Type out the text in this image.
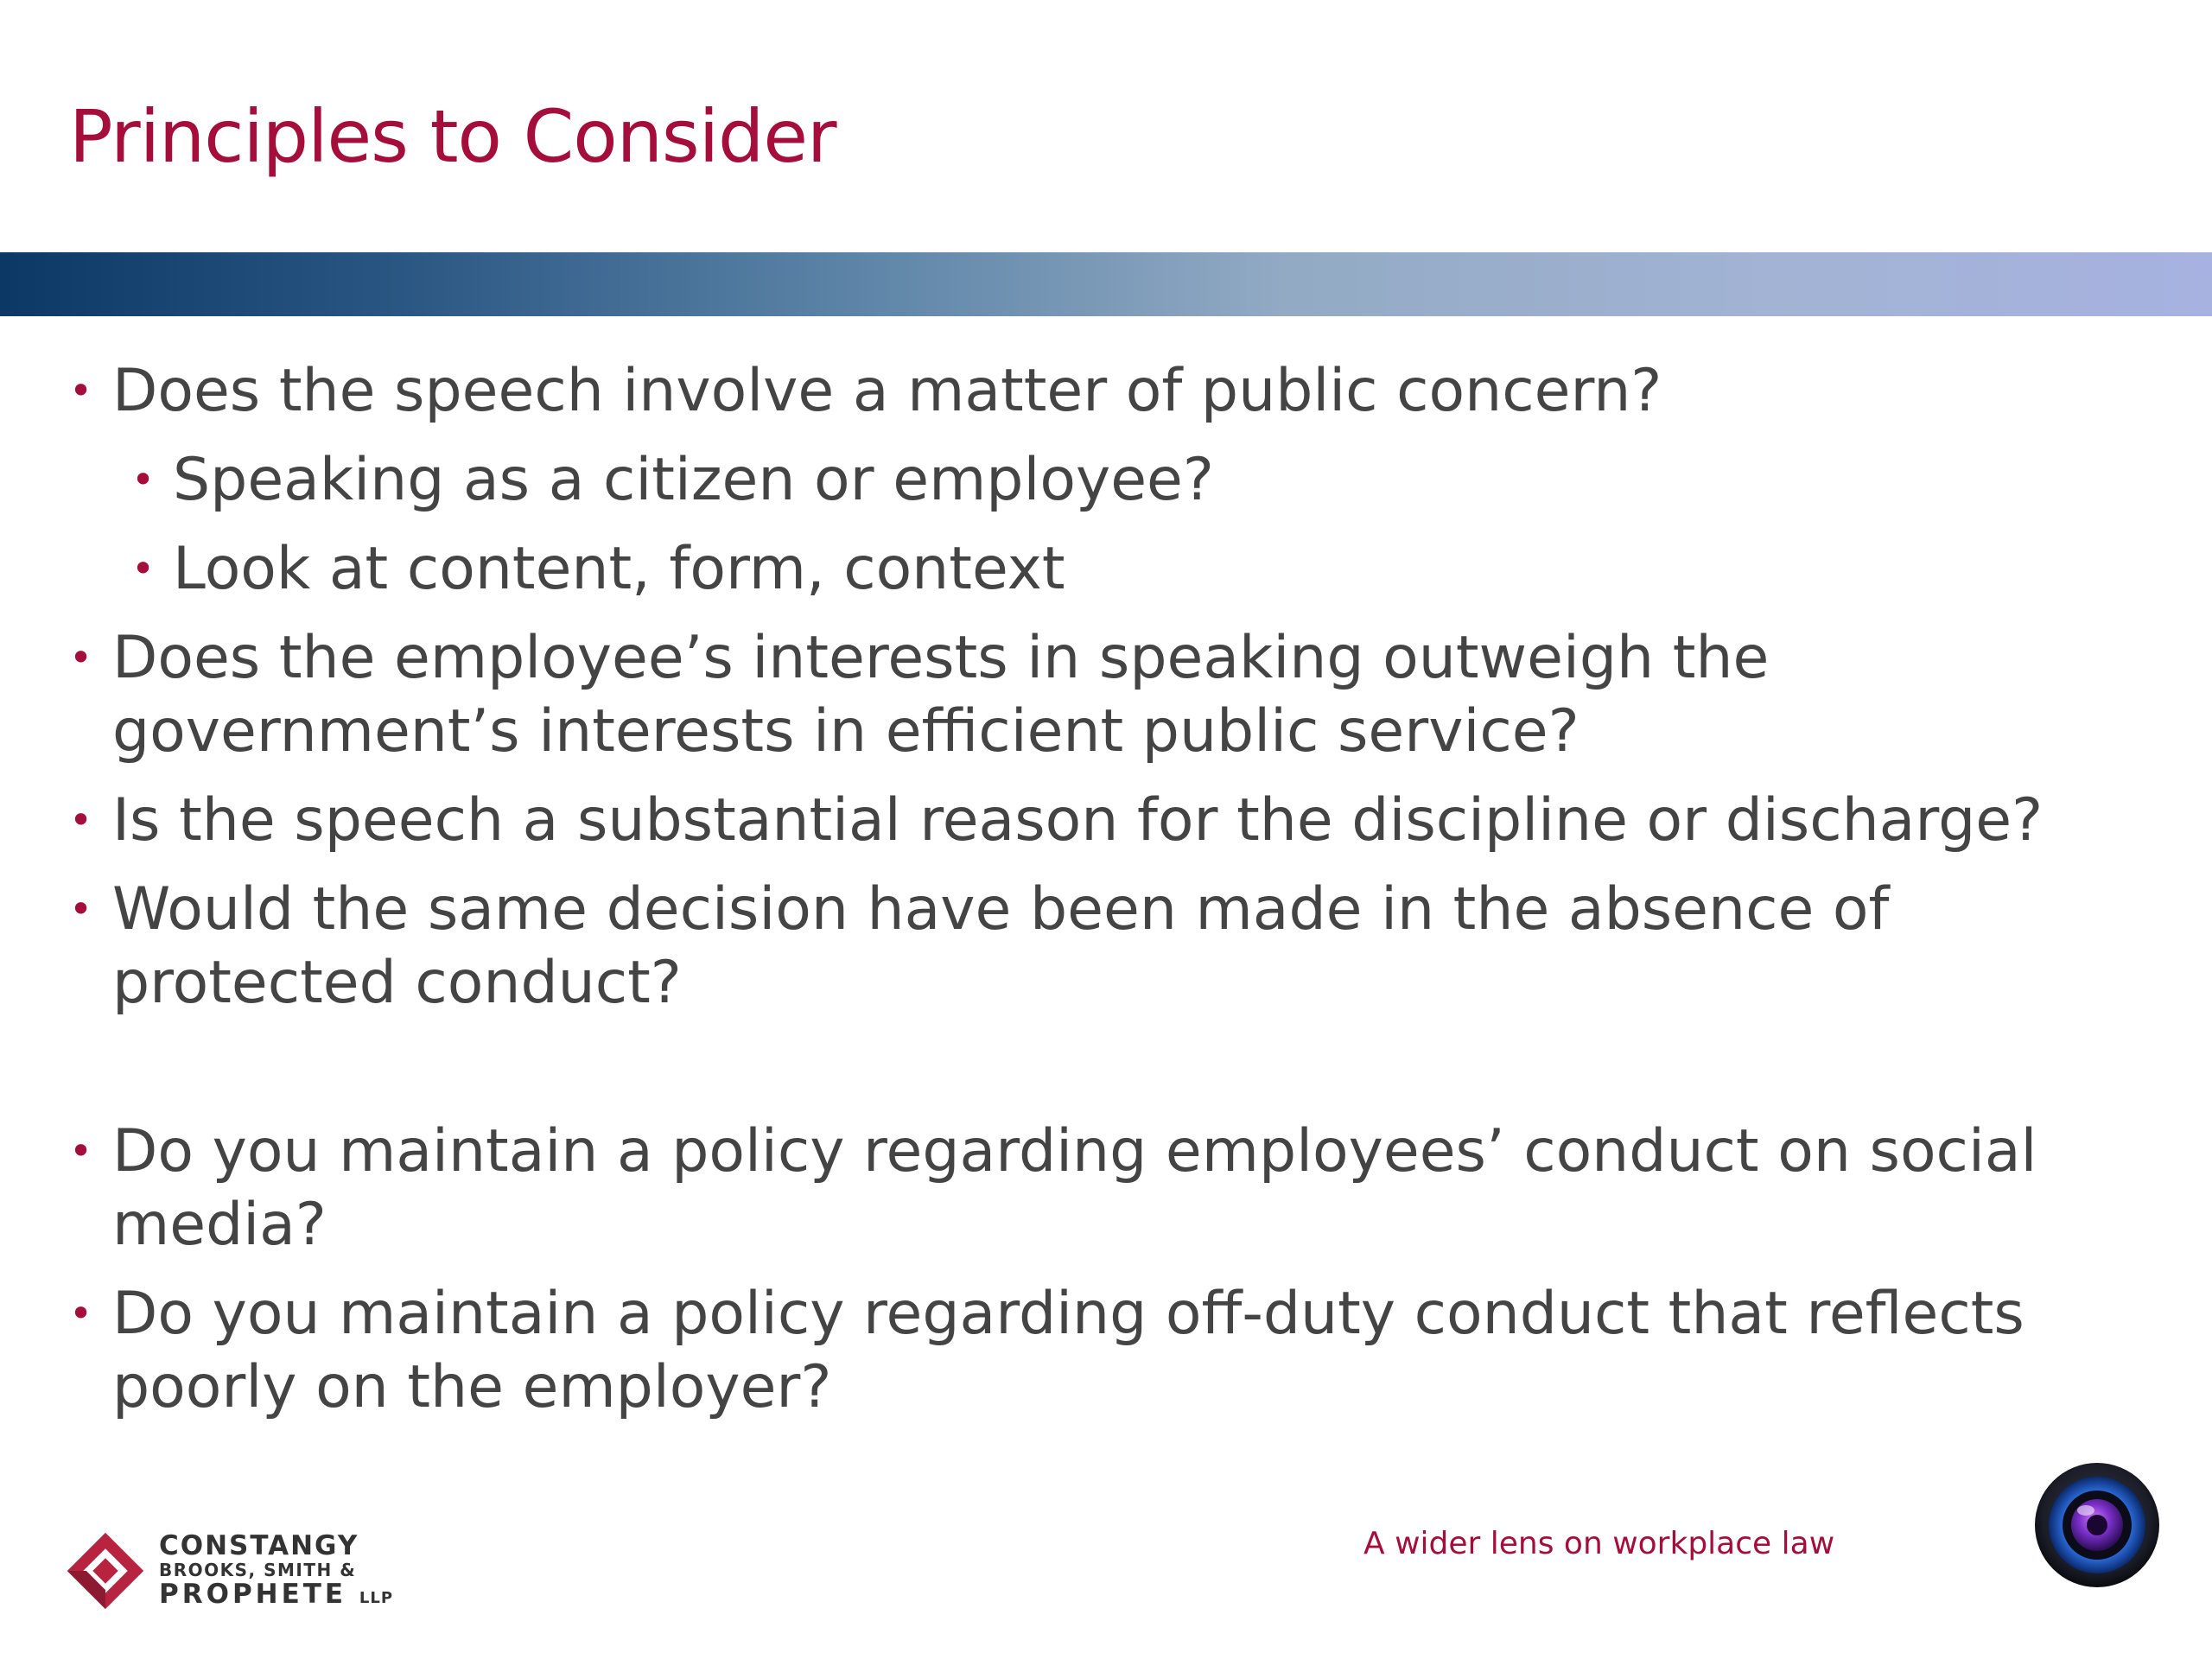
Principles to Consider
• Does the speech involve a matter of public concern?
• Speaking as a citizen or employee?
• Look at content, form, context
• Does the employee’s interests in speaking outweigh the government’s interests in efficient public service?
• Is the speech a substantial reason for the discipline or discharge?
• Would the same decision have been made in the absence of protected conduct?
• Do you maintain a policy regarding employees’ conduct on social media?
• Do you maintain a policy regarding off-duty conduct that reflects poorly on the employer?
CONSTANGY
BROOKS, SMITH &
PROPHETE LLP
A wider lens on workplace law
